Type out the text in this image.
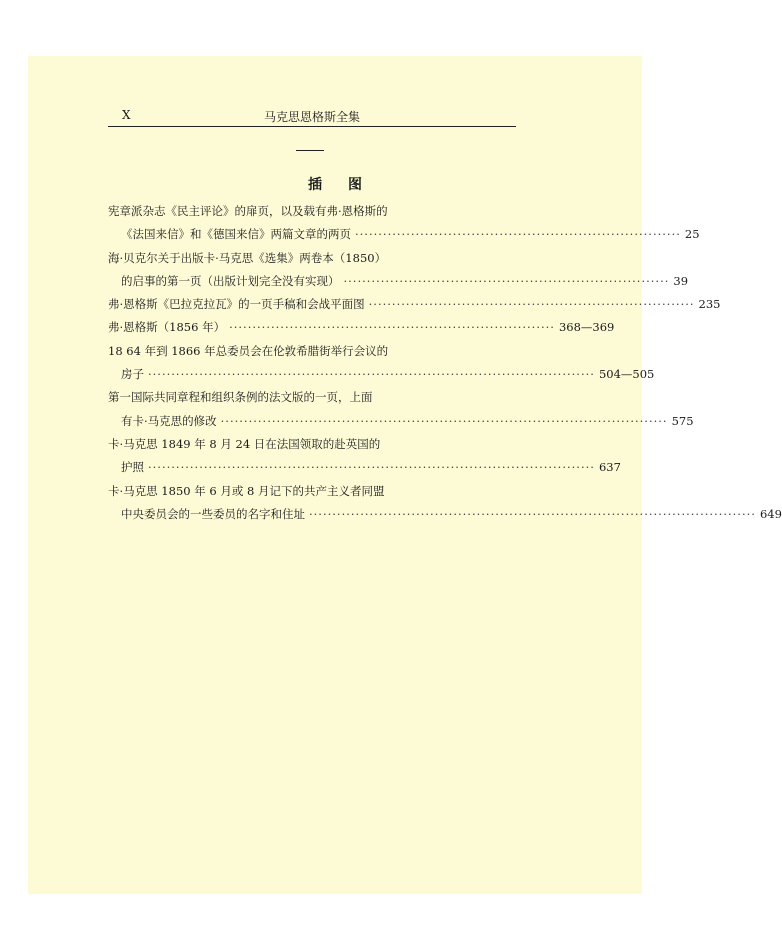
X	马克思恩格斯全集
插 图
宪章派杂志《民主评论》的扉页，以及载有弗·恩格斯的
《法国来信》和《德国来信》两篇文章的两页 ······································································ 25
海·贝克尔关于出版卡·马克思《选集》两卷本（1850）
的启事的第一页（出版计划完全没有实现） ······································································ 39
弗·恩格斯《巴拉克拉瓦》的一页手稿和会战平面图 ······································································ 235
弗·恩格斯（1856 年） ······································································ 368—369
18 64 年到 1866 年总委员会在伦敦希腊街举行会议的
房子 ································································································ 504—505
第一国际共同章程和组织条例的法文版的一页，上面
有卡·马克思的修改 ································································································ 575
卡·马克思 1849 年 8 月 24 日在法国领取的赴英国的
护照 ································································································ 637
卡·马克思 1850 年 6 月或 8 月记下的共产主义者同盟
中央委员会的一些委员的名字和住址 ································································································ 649
